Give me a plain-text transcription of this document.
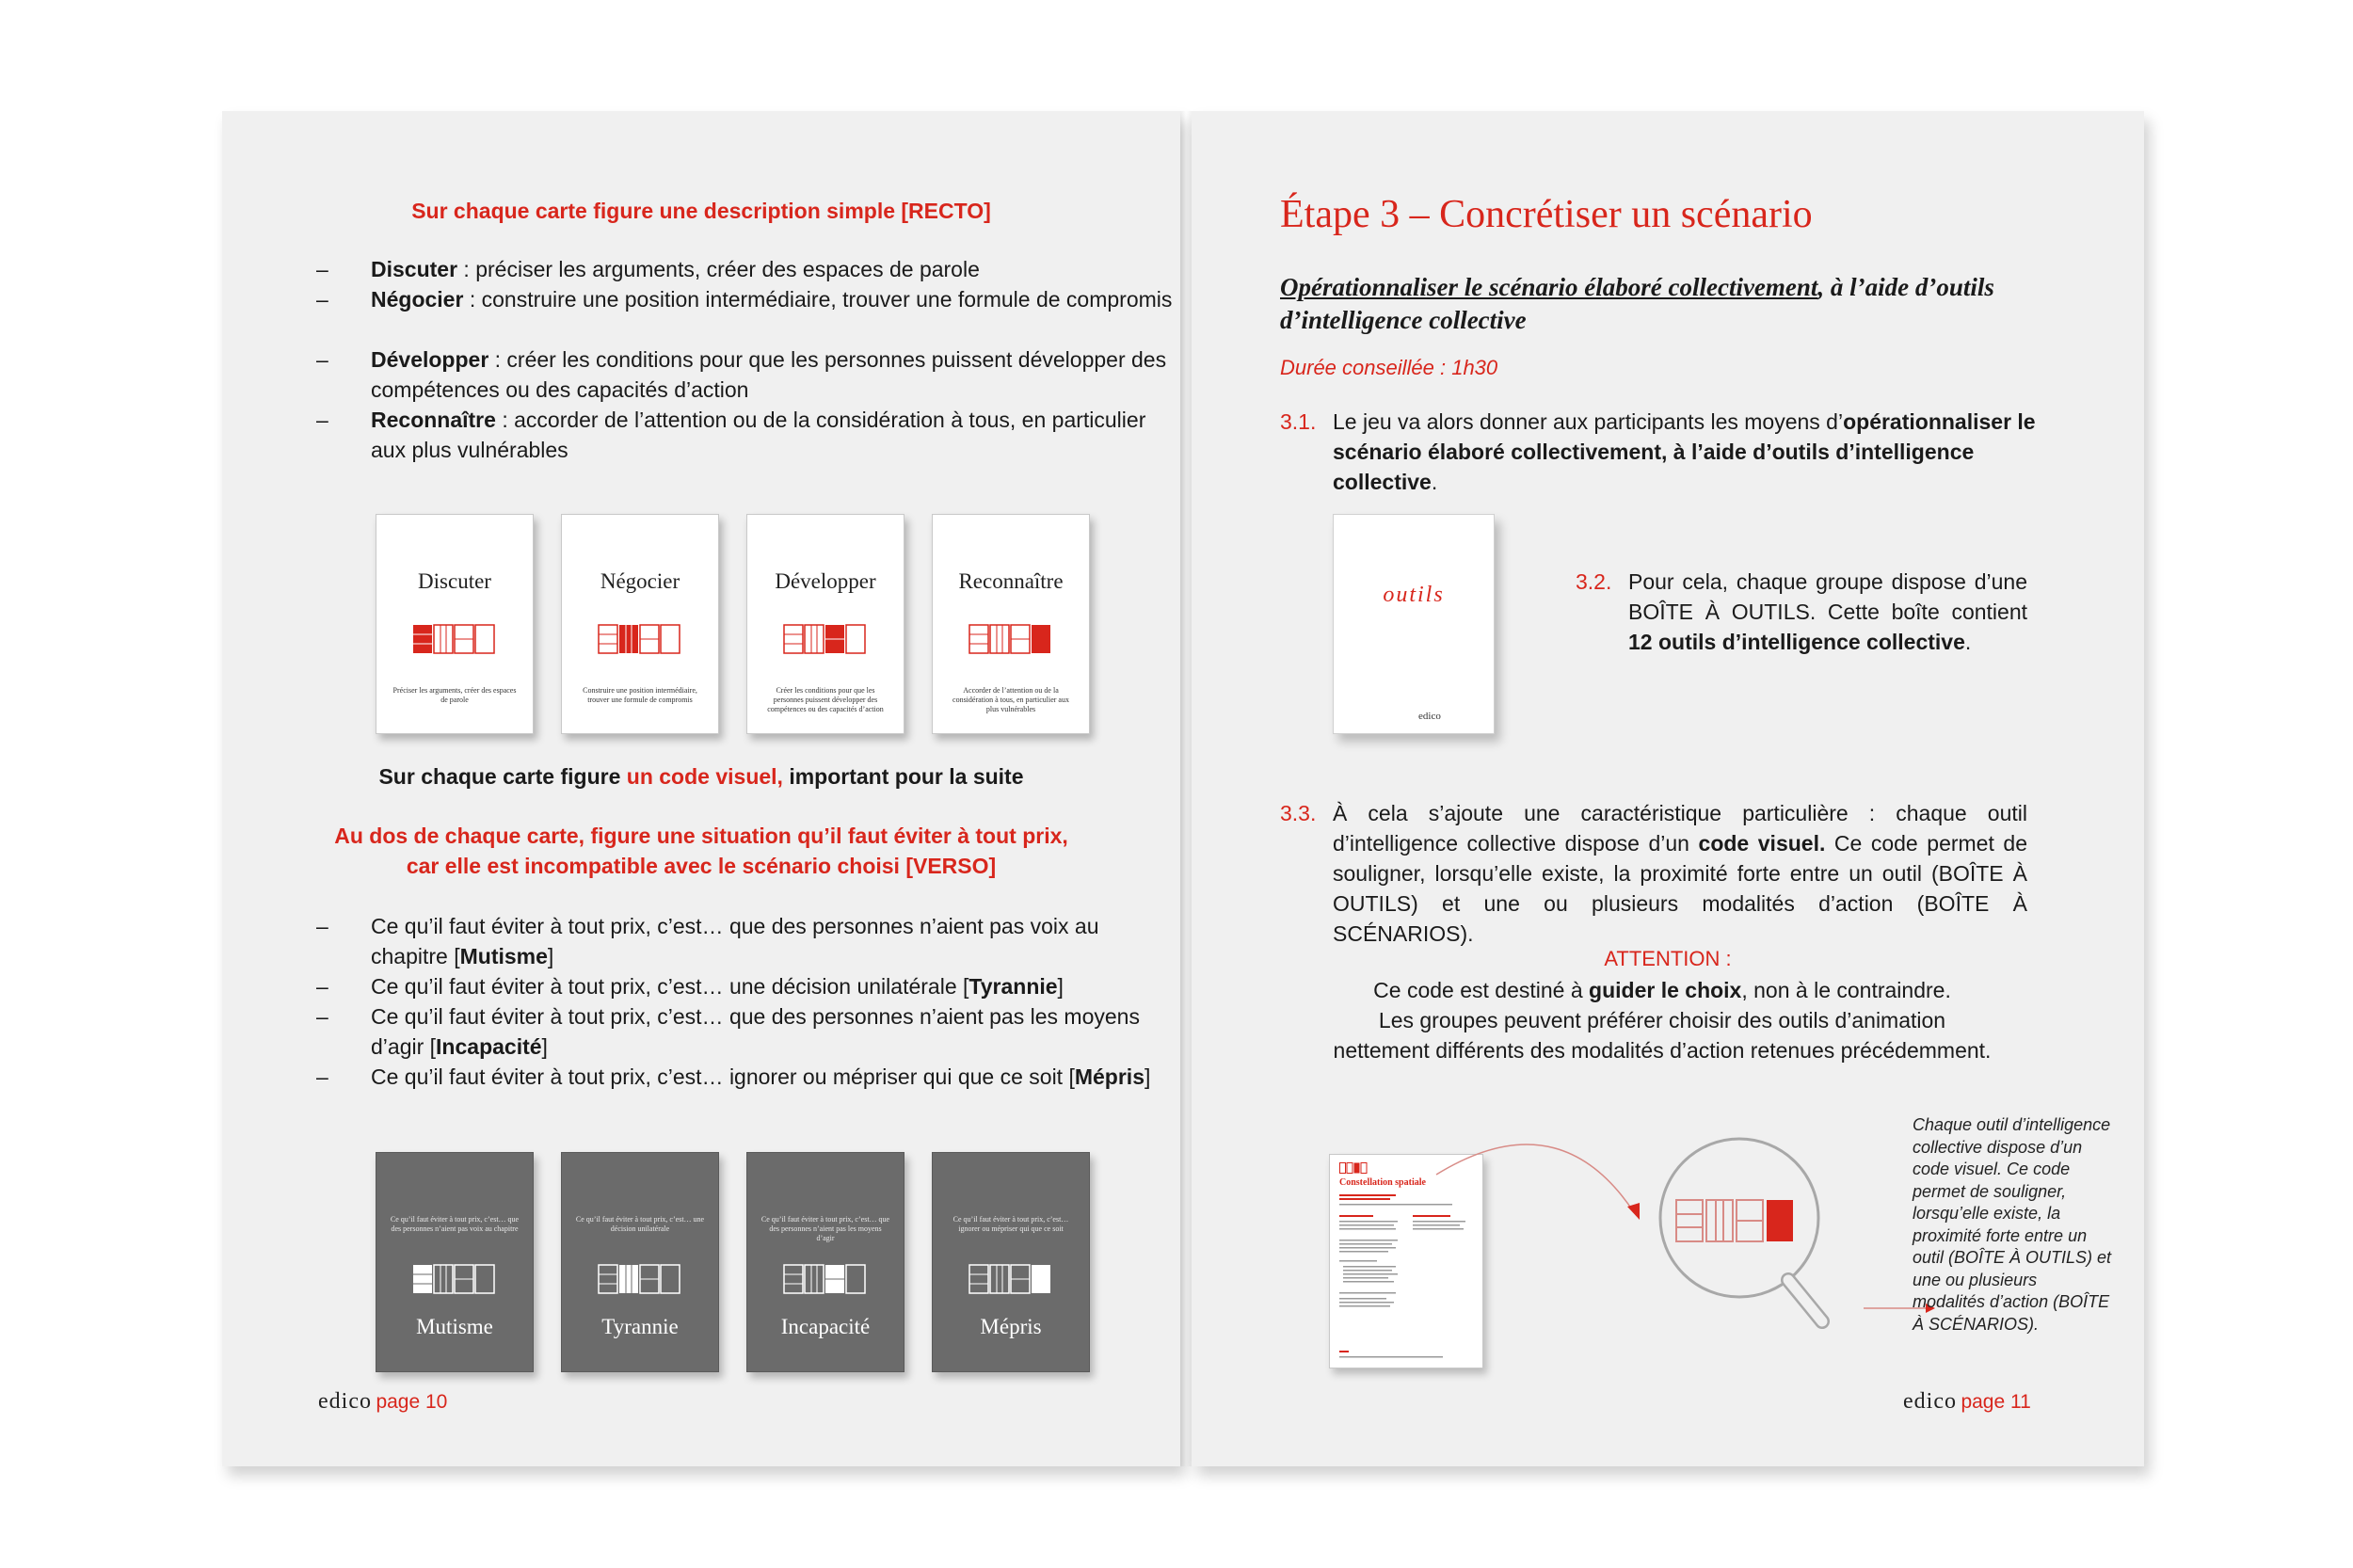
Sur chaque carte figure une description simple [RECTO]
– Discuter : préciser les arguments, créer des espaces de parole
– Négocier : construire une position intermédiaire, trouver une formule de compromis
– Développer : créer les conditions pour que les personnes puissent développer des compétences ou des capacités d’action
– Reconnaître : accorder de l’attention ou de la considération à tous, en particulier aux plus vulnérables
Discuter
Préciser les arguments, créer des espaces de parole
Négocier
Construire une position intermédiaire, trouver une formule de compromis
Développer
Créer les conditions pour que les personnes puissent développer des compétences ou des capacités d’action
Reconnaître
Accorder de l’attention ou de la considération à tous, en particulier aux plus vulnérables
Sur chaque carte figure un code visuel, important pour la suite
Au dos de chaque carte, figure une situation qu’il faut éviter à tout prix, car elle est incompatible avec le scénario choisi [VERSO]
– Ce qu’il faut éviter à tout prix, c’est… que des personnes n’aient pas voix au chapitre [Mutisme]
– Ce qu’il faut éviter à tout prix, c’est… une décision unilatérale [Tyrannie]
– Ce qu’il faut éviter à tout prix, c’est… que des personnes n’aient pas les moyens d’agir [Incapacité]
– Ce qu’il faut éviter à tout prix, c’est… ignorer ou mépriser qui que ce soit [Mépris]
Ce qu’il faut éviter à tout prix, c’est… que des personnes n’aient pas voix au chapitre
Mutisme
Ce qu’il faut éviter à tout prix, c’est… une décision unilatérale
Tyrannie
Ce qu’il faut éviter à tout prix, c’est… que des personnes n’aient pas les moyens d’agir
Incapacité
Ce qu’il faut éviter à tout prix, c’est… ignorer ou mépriser qui que ce soit
Mépris
edico page 10
Étape 3 – Concrétiser un scénario
Opérationnaliser le scénario élaboré collectivement, à l’aide d’outils d’intelligence collective
Durée conseillée : 1h30
3.1. Le jeu va alors donner aux participants les moyens d’opérationnaliser le scénario élaboré collectivement, à l’aide d’outils d’intelligence collective.
outils
edico
3.2. Pour cela, chaque groupe dispose d’une BOÎTE À OUTILS. Cette boîte contient 12 outils d’intelligence collective.
3.3. À cela s’ajoute une caractéristique particulière : chaque outil d’intelligence collective dispose d’un code visuel. Ce code permet de souligner, lorsqu’elle existe, la proximité forte entre un outil (BOÎTE À OUTILS) et une ou plusieurs modalités d’action (BOÎTE À SCÉNARIOS).
ATTENTION :
Ce code est destiné à guider le choix, non à le contraindre.
Les groupes peuvent préférer choisir des outils d’animation nettement différents des modalités d’action retenues précédemment.
Constellation spatiale
Chaque outil d’intelligence collective dispose d’un code visuel. Ce code permet de souligner, lorsqu’elle existe, la proximité forte entre un outil (BOÎTE À OUTILS) et une ou plusieurs modalités d’action (BOÎTE À SCÉNARIOS).
edico page 11
